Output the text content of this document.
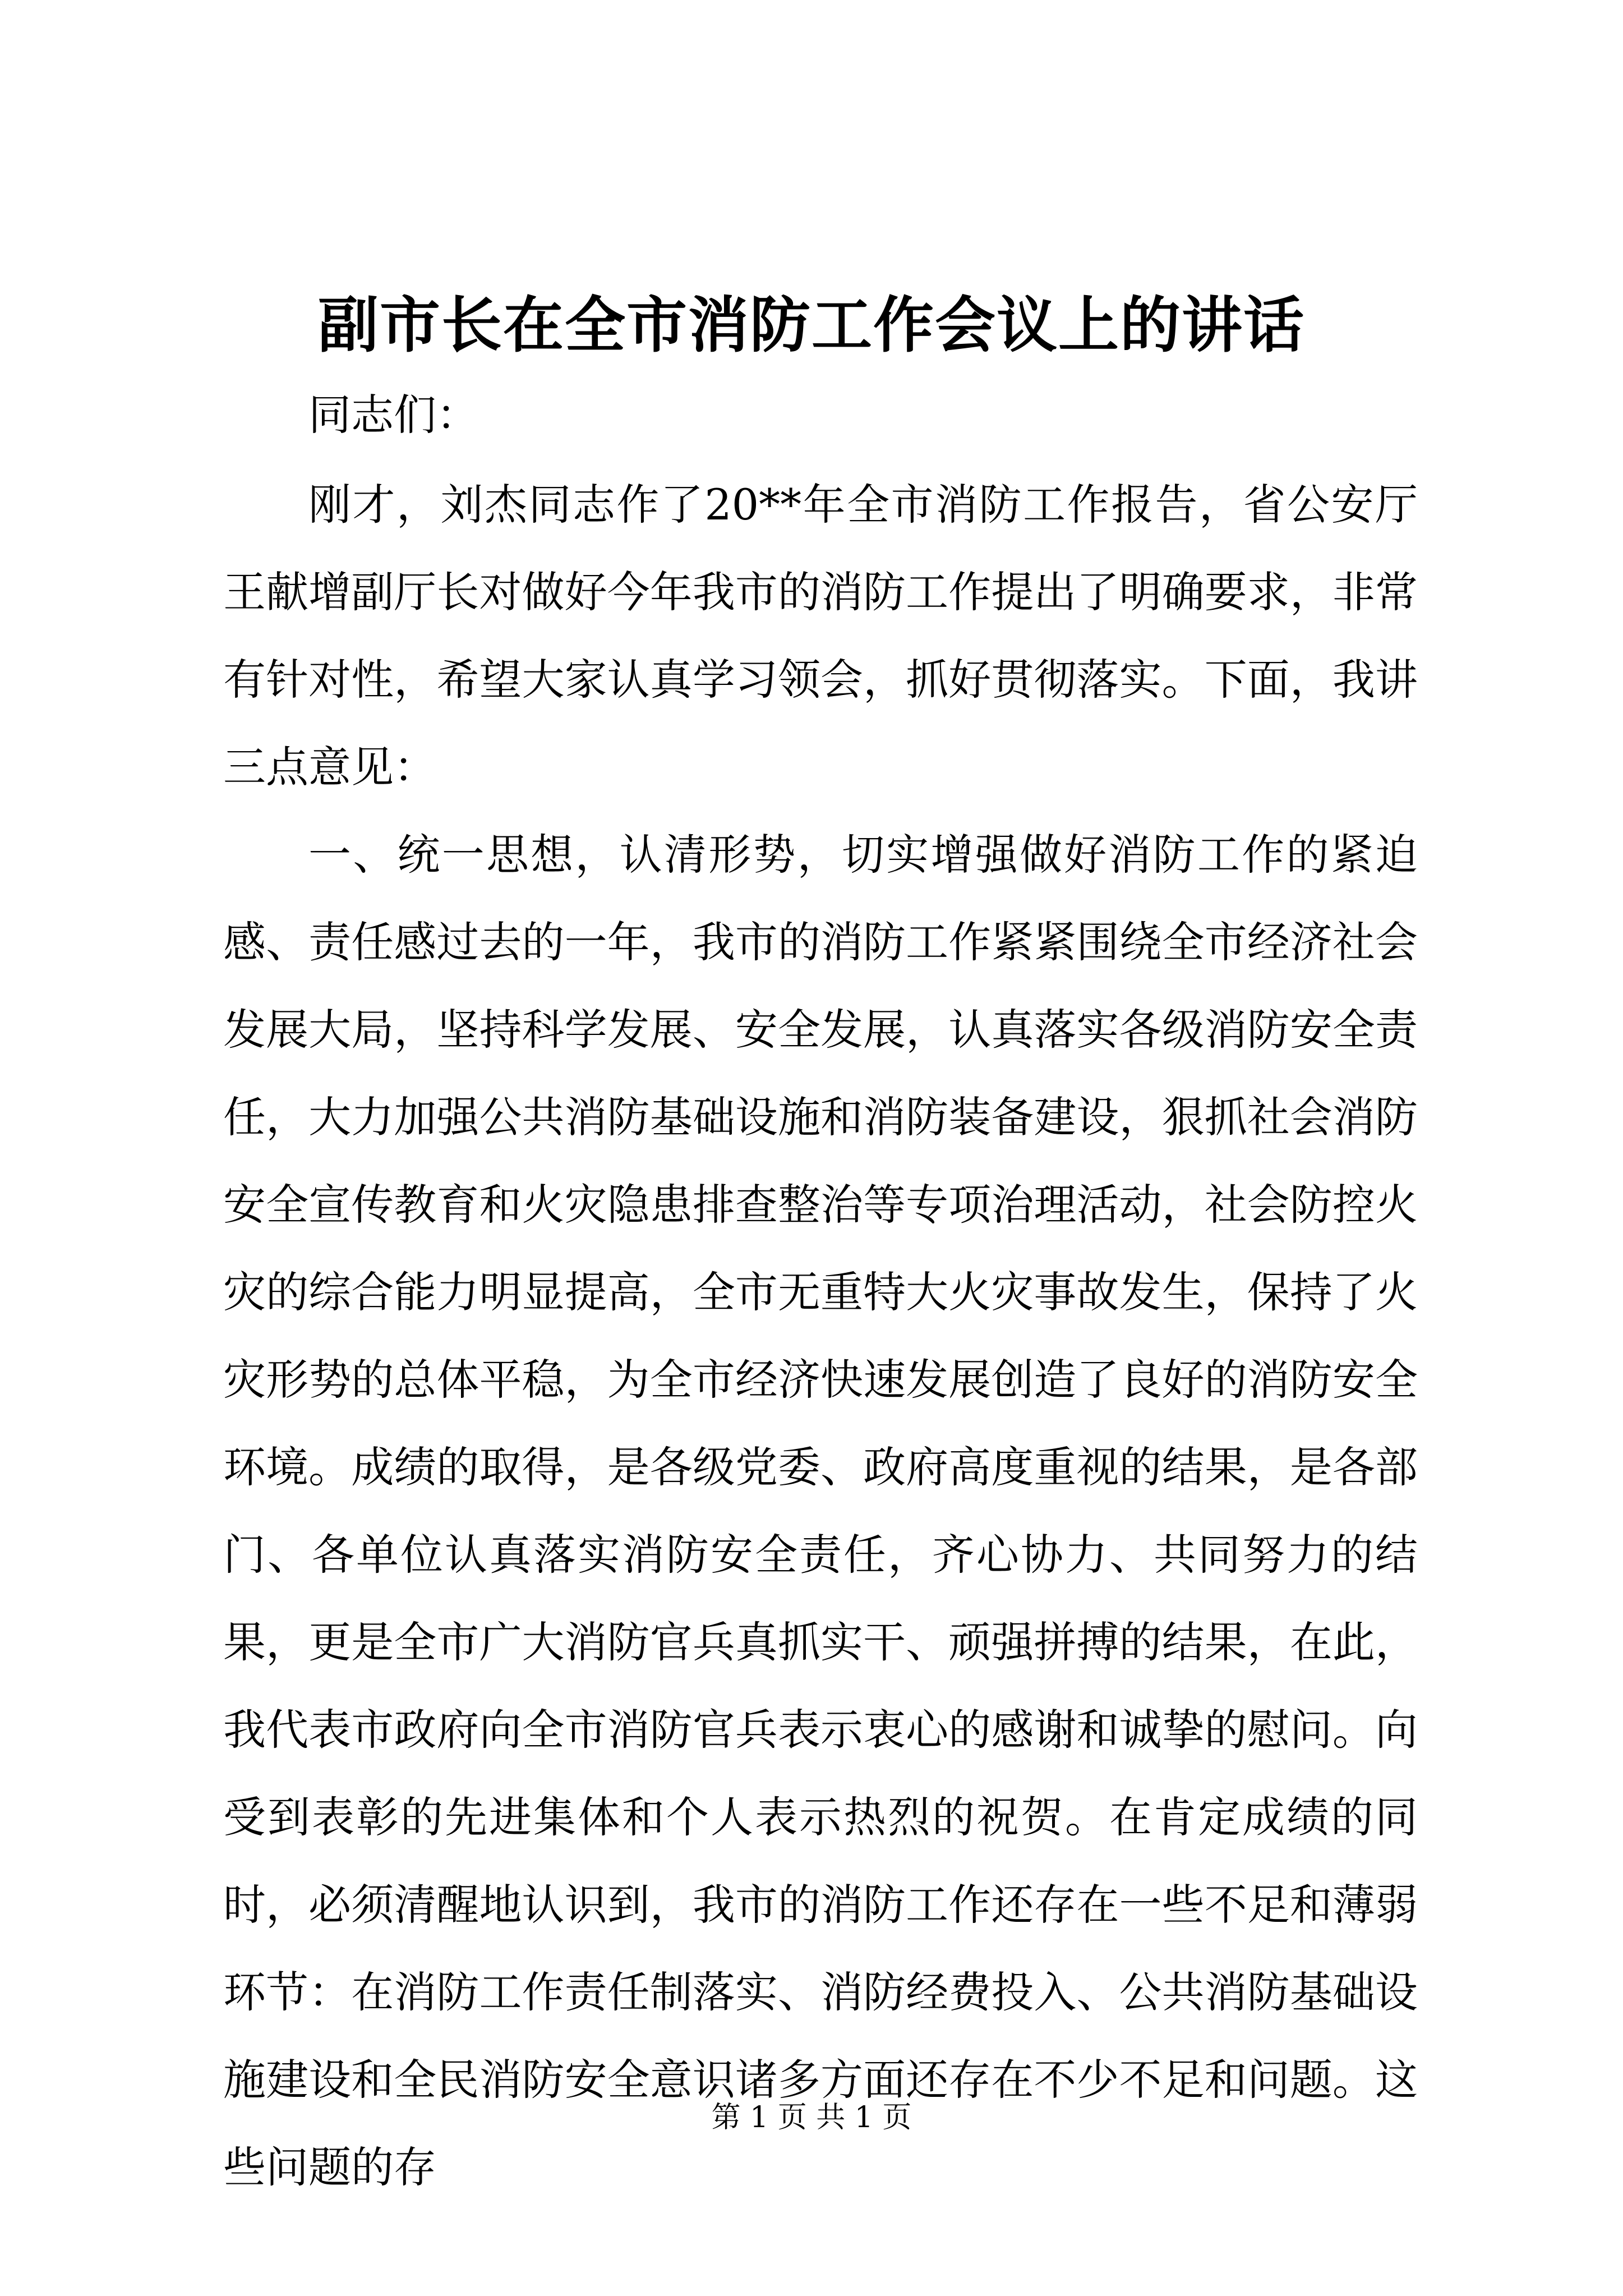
副市长在全市消防工作会议上的讲话
同志们：

刚才，刘杰同志作了20**年全市消防工作报告，省公安厅王献增副厅长对做好今年我市的消防工作提出了明确要求，非常有针对性，希望大家认真学习领会，抓好贯彻落实。下面，我讲三点意见：

一、统一思想，认清形势，切实增强做好消防工作的紧迫感、责任感过去的一年，我市的消防工作紧紧围绕全市经济社会发展大局，坚持科学发展、安全发展，认真落实各级消防安全责任，大力加强公共消防基础设施和消防装备建设，狠抓社会消防安全宣传教育和火灾隐患排查整治等专项治理活动，社会防控火灾的综合能力明显提高，全市无重特大火灾事故发生，保持了火灾形势的总体平稳，为全市经济快速发展创造了良好的消防安全环境。成绩的取得，是各级党委、政府高度重视的结果，是各部门、各单位认真落实消防安全责任，齐心协力、共同努力的结果，更是全市广大消防官兵真抓实干、顽强拼搏的结果，在此，我代表市政府向全市消防官兵表示衷心的感谢和诚挚的慰问。向受到表彰的先进集体和个人表示热烈的祝贺。在肯定成绩的同时，必须清醒地认识到，我市的消防工作还存在一些不足和薄弱环节：在消防工作责任制落实、消防经费投入、公共消防基础设施建设和全民消防安全意识诸多方面还存在不少不足和问题。这些问题的存

第 1 页 共 1 页
